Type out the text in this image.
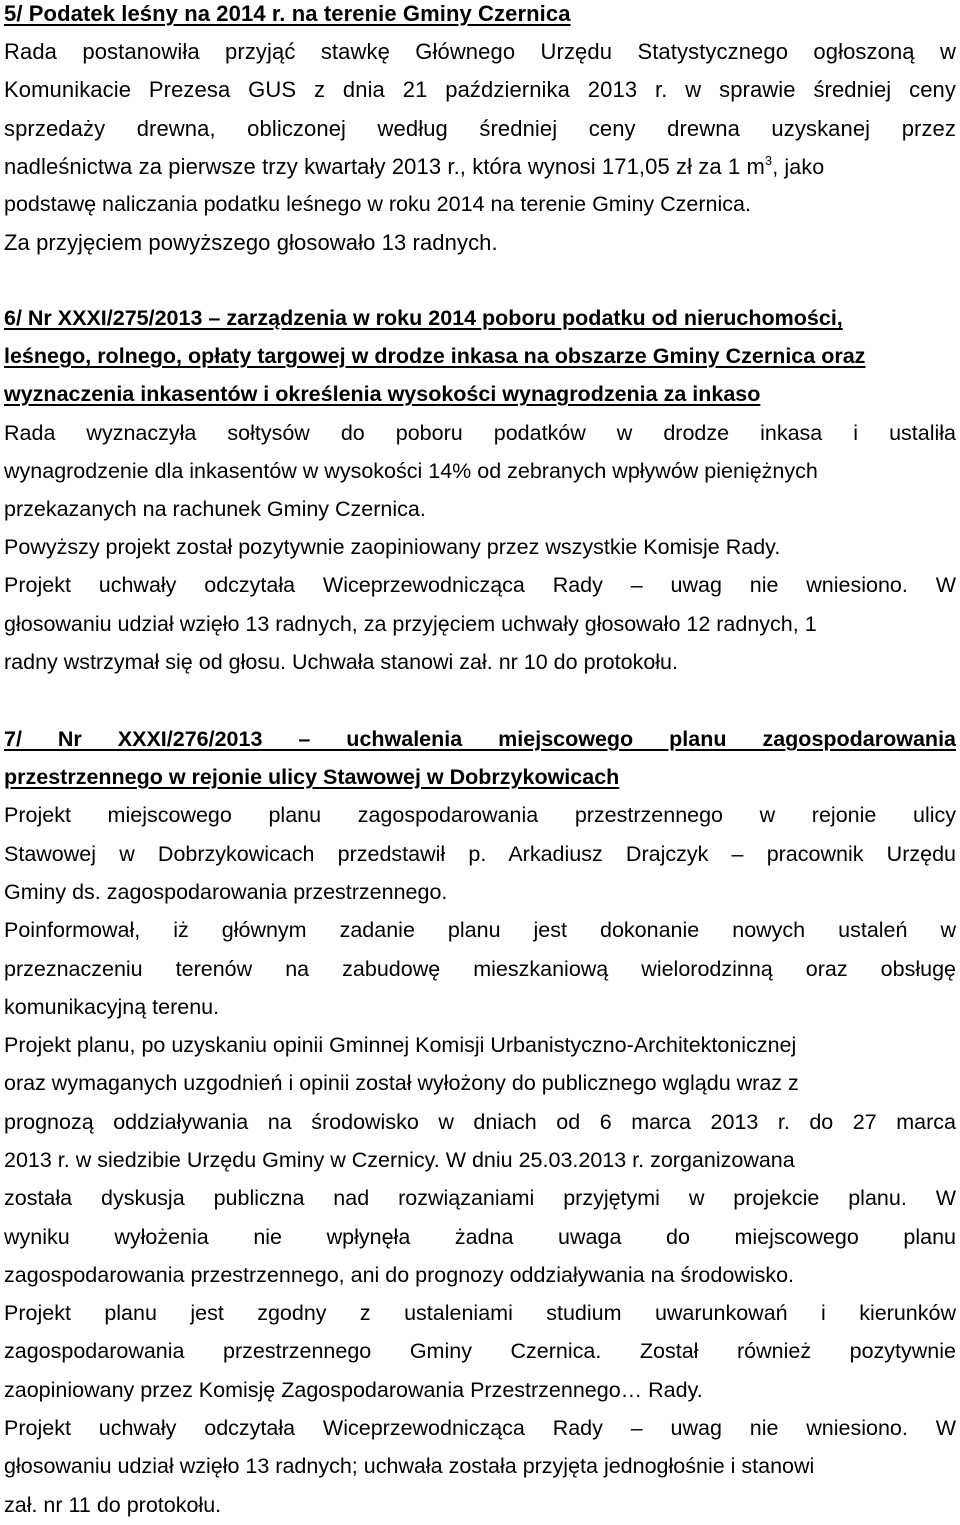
5/ Podatek leśny na 2014 r. na terenie Gminy Czernica
Rada postanowiła przyjąć stawkę Głównego Urzędu Statystycznego ogłoszoną w
Komunikacie Prezesa GUS z dnia 21 października 2013 r. w sprawie średniej ceny
sprzedaży drewna, obliczonej według średniej ceny drewna uzyskanej przez
nadleśnictwa za pierwsze trzy kwartały 2013 r., która wynosi 171,05 zł za 1 $m^3$, jako
podstawę naliczania podatku leśnego w roku 2014 na terenie Gminy Czernica.
Za przyjęciem powyższego głosowało 13 radnych.
6/ Nr XXXI/275/2013 – zarządzenia w roku 2014 poboru podatku od nieruchomości,
leśnego, rolnego, opłaty targowej w drodze inkasa na obszarze Gminy Czernica oraz
wyznaczenia inkasentów i określenia wysokości wynagrodzenia za inkaso
Rada wyznaczyła sołtysów do poboru podatków w drodze inkasa i ustaliła
wynagrodzenie dla inkasentów w wysokości 14% od zebranych wpływów pieniężnych
przekazanych na rachunek Gminy Czernica.
Powyższy projekt został pozytywnie zaopiniowany przez wszystkie Komisje Rady.
Projekt uchwały odczytała Wiceprzewodnicząca Rady – uwag nie wniesiono. W
głosowaniu udział wzięło 13 radnych, za przyjęciem uchwały głosowało 12 radnych, 1
radny wstrzymał się od głosu. Uchwała stanowi zał. nr 10 do protokołu.
7/ Nr XXXI/276/2013 – uchwalenia miejscowego planu zagospodarowania
przestrzennego w rejonie ulicy Stawowej w Dobrzykowicach
Projekt miejscowego planu zagospodarowania przestrzennego w rejonie ulicy
Stawowej w Dobrzykowicach przedstawił p. Arkadiusz Drajczyk – pracownik Urzędu
Gminy ds. zagospodarowania przestrzennego.
Poinformował, iż głównym zadanie planu jest dokonanie nowych ustaleń w
przeznaczeniu terenów na zabudowę mieszkaniową wielorodzinną oraz obsługę
komunikacyjną terenu.
Projekt planu, po uzyskaniu opinii Gminnej Komisji Urbanistyczno-Architektonicznej
oraz wymaganych uzgodnień i opinii został wyłożony do publicznego wglądu wraz z
prognozą oddziaływania na środowisko w dniach od 6 marca 2013 r. do 27 marca
2013 r. w siedzibie Urzędu Gminy w Czernicy. W dniu 25.03.2013 r. zorganizowana
została dyskusja publiczna nad rozwiązaniami przyjętymi w projekcie planu. W
wyniku wyłożenia nie wpłynęła żadna uwaga do miejscowego planu
zagospodarowania przestrzennego, ani do prognozy oddziaływania na środowisko.
Projekt planu jest zgodny z ustaleniami studium uwarunkowań i kierunków
zagospodarowania przestrzennego Gminy Czernica. Został również pozytywnie
zaopiniowany przez Komisję Zagospodarowania Przestrzennego… Rady.
Projekt uchwały odczytała Wiceprzewodnicząca Rady – uwag nie wniesiono. W
głosowaniu udział wzięło 13 radnych; uchwała została przyjęta jednogłośnie i stanowi
zał. nr 11 do protokołu.
